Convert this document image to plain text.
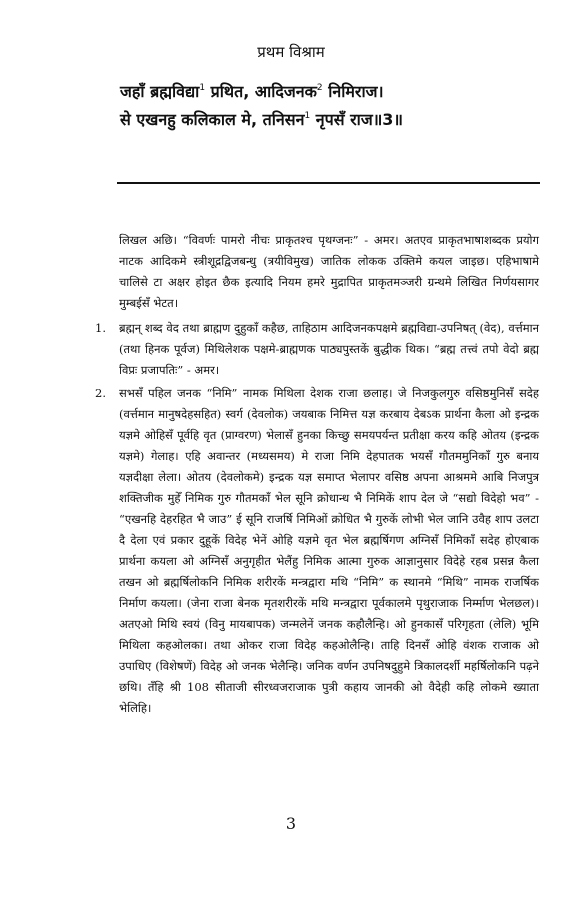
प्रथम विश्राम
जहाँ ब्रह्मविद्या$^1$ प्रथित, आदिजनक$^2$ निमिराज।
से एखनहु कलिकाल मे, तनिसन$^1$ नृपसँ राज॥3॥

लिखल अछि। “विवर्णः पामरो नीचः प्राकृतश्च पृथग्जनः” - अमर। अतएव प्राकृतभाषाशब्दक प्रयोग नाटक आदिकमे स्त्रीशूद्रद्विजबन्धु (त्रयीविमुख) जातिक लोकक उक्तिमे कयल जाइछ। एहिभाषामे चालिसे टा अक्षर होइत छैक इत्यादि नियम हमरे मुद्रापित प्राकृतमञ्जरी ग्रन्थमे लिखित निर्णयसागर मुम्बईसँ भेटत।

1. ब्रह्मन् शब्द वेद तथा ब्राह्मण दुहुकाँ कहैछ, ताहिठाम आदिजनकपक्षमे ब्रह्मविद्या-उपनिषत् (वेद), वर्त्तमान (तथा हिनक पूर्वज) मिथिलेशक पक्षमे-ब्राह्मणक पाठ्यपुस्तकें बुद्धीक थिक। “ब्रह्म तत्त्वं तपो वेदो ब्रह्म विप्रः प्रजापतिः” - अमर।
2. सभसँ पहिल जनक “निमि” नामक मिथिला देशक राजा छलाह। जे निजकुलगुरु वसिष्ठमुनिसँ सदेह (वर्त्तमान मानुषदेहसहित) स्वर्ग (देवलोक) जयबाक निमित्त यज्ञ करबाय देबऽक प्रार्थना कैला ओ इन्द्रक यज्ञमे ओहिसँ पूर्वहि वृत (प्राग्वरण) भेलासँ हुनका किच्छु समयपर्यन्त प्रतीक्षा करय कहि ओतय (इन्द्रक यज्ञमे) गेलाह। एहि अवान्तर (मध्यसमय) मे राजा निमि देहपातक भयसँ गौतममुनिकाँ गुरु बनाय यज्ञदीक्षा लेला। ओतय (देवलोकमे) इन्द्रक यज्ञ समाप्त भेलापर वसिष्ठ अपना आश्रममे आबि निजपुत्र शक्तिजीक मुहेँ निमिक गुरु गौतमकाँ भेल सूनि क्रोधान्ध भै निमिकें शाप देल जे “सद्यो विदेहो भव” - “एखनहि देहरहित भै जाउ” ई सूनि राजर्षि निमिओं क्रोधित भै गुरुकें लोभी भेल जानि उवैह शाप उलटा दै देला एवं प्रकार दुहूकें विदेह भेनें ओहि यज्ञमे वृत भेल ब्रह्मर्षिगण अग्निसँ निमिकाँ सदेह होएबाक प्रार्थना कयला ओ अग्निसँ अनुगृहीत भेलैंहु निमिक आत्मा गुरुक आज्ञानुसार विदेहे रहब प्रसन्न कैला तखन ओ ब्रह्मर्षिलोकनि निमिक शरीरकें मन्त्रद्वारा मथि “निमि” क स्थानमे “मिथि” नामक राजर्षिक निर्माण कयला। (जेना राजा बेनक मृतशरीरकें मथि मन्त्रद्वारा पूर्वकालमे पृथुराजाक निर्म्माण भेलछल)। अतएओ मिथि स्वयं (विनु मायबापक) जन्मलेनें जनक कहौलैन्हि। ओ हुनकासँ परिगृहता (लेलि) भूमि मिथिला कहओलका। तथा ओकर राजा विदेह कहओलैन्हि। ताहि दिनसँ ओहि वंशक राजाक ओ उपाधिए (विशेषणें) विदेह ओ जनक भेलैन्हि। जनिक वर्णन उपनिषदुहुमे त्रिकालदर्शी महर्षिलोकनि पढ़ने छथि। तँहि श्री 108 सीताजी सीरध्वजराजाक पुत्री कहाय जानकी ओ वैदेही कहि लोकमे ख्याता भेलिहि।
3
